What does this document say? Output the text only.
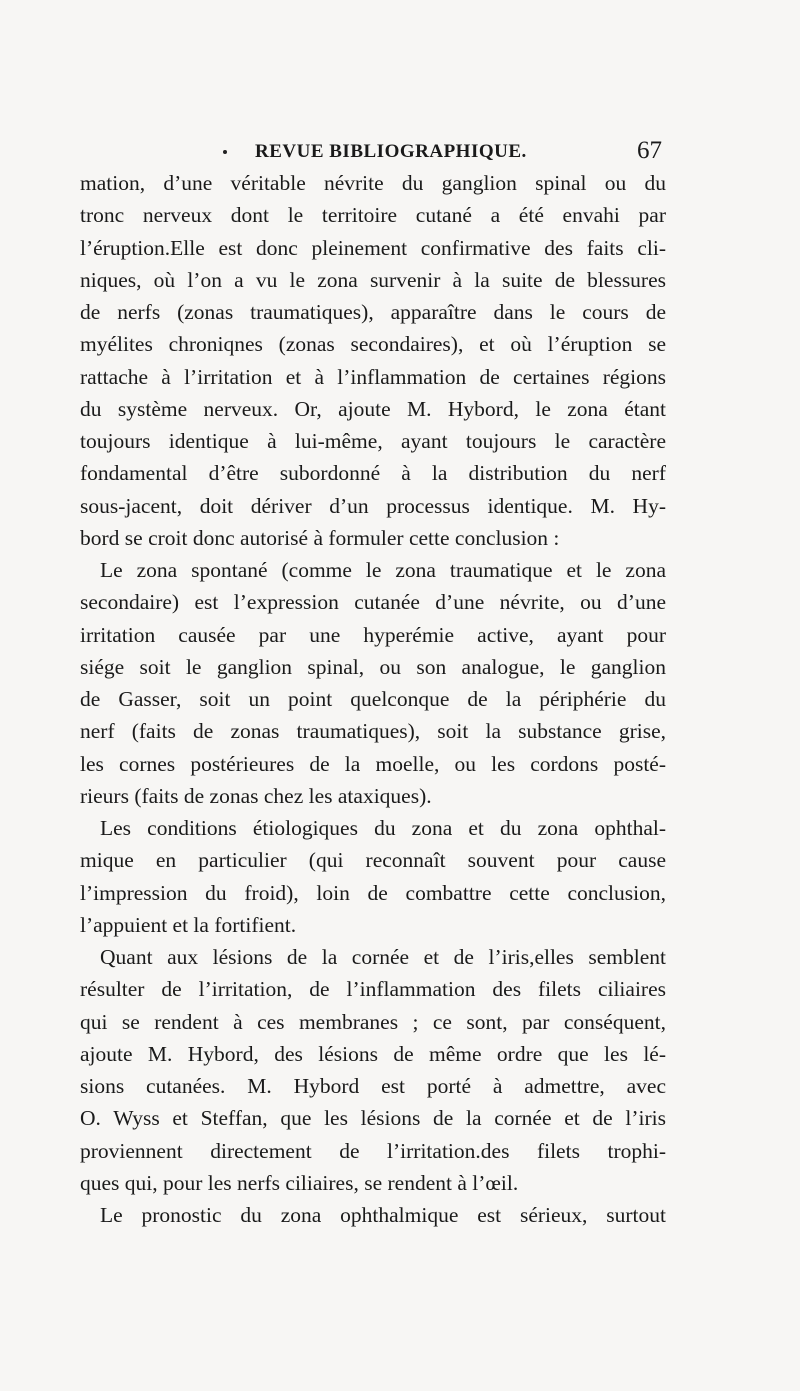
REVUE BIBLIOGRAPHIQUE.	67
mation, d’une véritable névrite du ganglion spinal ou du
tronc nerveux dont le territoire cutané a été envahi par
l’éruption.Elle est donc pleinement confirmative des faits cli-
niques, où l’on a vu le zona survenir à la suite de blessures
de nerfs (zonas traumatiques), apparaître dans le cours de
myélites chroniqnes (zonas secondaires), et où l’éruption se
rattache à l’irritation et à l’inflammation de certaines régions
du système nerveux. Or, ajoute M. Hybord, le zona étant
toujours identique à lui-même, ayant toujours le caractère
fondamental d’être subordonné à la distribution du nerf
sous-jacent, doit dériver d’un processus identique. M. Hy-
bord se croit donc autorisé à formuler cette conclusion :
Le zona spontané (comme le zona traumatique et le zona
secondaire) est l’expression cutanée d’une névrite, ou d’une
irritation causée par une hyperémie active, ayant pour
siége soit le ganglion spinal, ou son analogue, le ganglion
de Gasser, soit un point quelconque de la périphérie du
nerf (faits de zonas traumatiques), soit la substance grise,
les cornes postérieures de la moelle, ou les cordons posté-
rieurs (faits de zonas chez les ataxiques).
Les conditions étiologiques du zona et du zona ophthal-
mique en particulier (qui reconnaît souvent pour cause
l’impression du froid), loin de combattre cette conclusion,
l’appuient et la fortifient.
Quant aux lésions de la cornée et de l’iris,elles semblent
résulter de l’irritation, de l’inflammation des filets ciliaires
qui se rendent à ces membranes ; ce sont, par conséquent,
ajoute M. Hybord, des lésions de même ordre que les lé-
sions cutanées. M. Hybord est porté à admettre, avec
O. Wyss et Steffan, que les lésions de la cornée et de l’iris
proviennent directement de l’irritation.des filets trophi-
ques qui, pour les nerfs ciliaires, se rendent à l’œil.
Le pronostic du zona ophthalmique est sérieux, surtout
